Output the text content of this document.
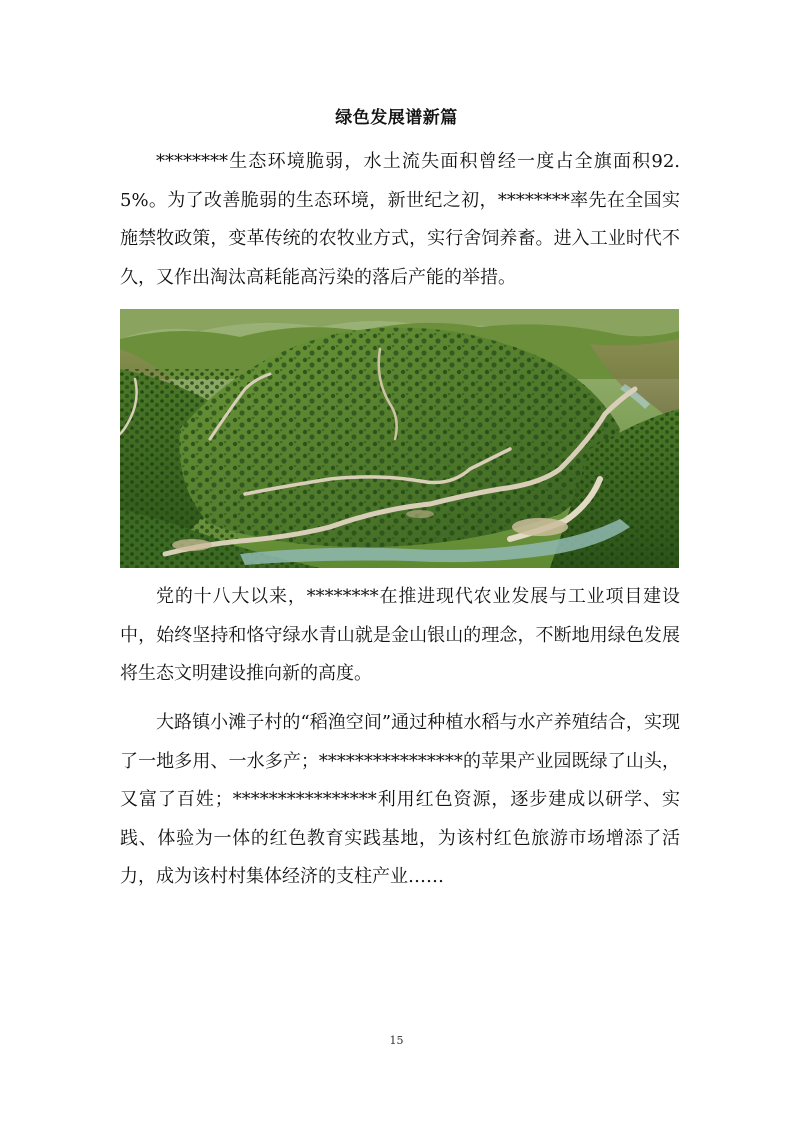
绿色发展谱新篇

********生态环境脆弱，水土流失面积曾经一度占全旗面积92.5%。为了改善脆弱的生态环境，新世纪之初，********率先在全国实施禁牧政策，变革传统的农牧业方式，实行舍饲养畜。进入工业时代不久，又作出淘汰高耗能高污染的落后产能的举措。

党的十八大以来，********在推进现代农业发展与工业项目建设中，始终坚持和恪守绿水青山就是金山银山的理念，不断地用绿色发展将生态文明建设推向新的高度。

大路镇小滩子村的“稻渔空间”通过种植水稻与水产养殖结合，实现了一地多用、一水多产；****************的苹果产业园既绿了山头，又富了百姓；****************利用红色资源，逐步建成以研学、实践、体验为一体的红色教育实践基地，为该村红色旅游市场增添了活力，成为该村村集体经济的支柱产业……

15
